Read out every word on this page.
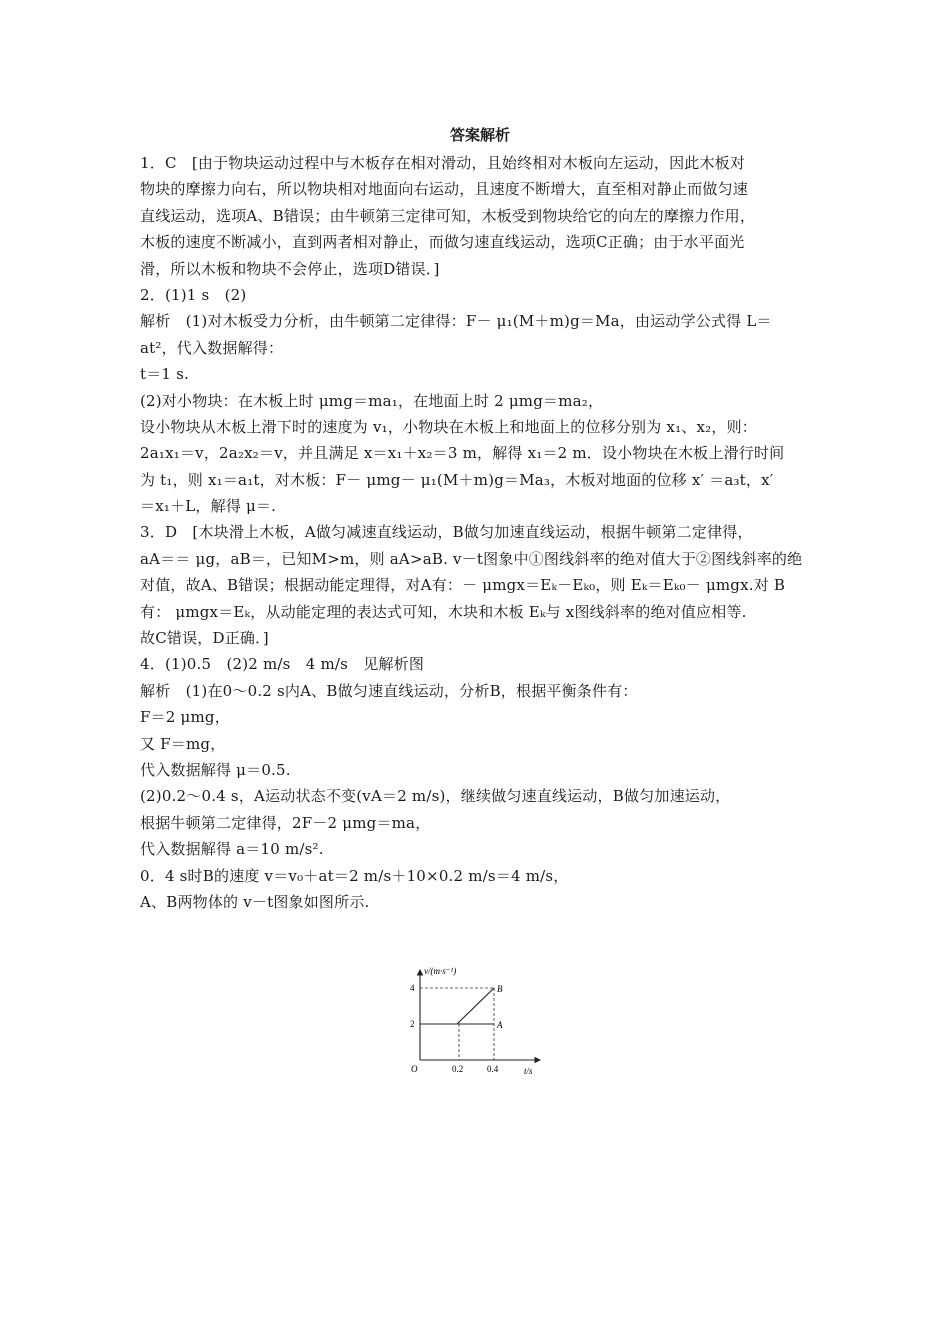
答案解析
1．C　[由于物块运动过程中与木板存在相对滑动，且始终相对木板向左运动，因此木板对
物块的摩擦力向右，所以物块相对地面向右运动，且速度不断增大，直至相对静止而做匀速
直线运动，选项A、B错误；由牛顿第三定律可知，木板受到物块给它的向左的摩擦力作用，
木板的速度不断减小，直到两者相对静止，而做匀速直线运动，选项C正确；由于水平面光
滑，所以木板和物块不会停止，选项D错误．]
2．(1)1 s　(2)
解析　(1)对木板受力分析，由牛顿第二定律得：F－ μ₁(M＋m)g＝Ma，由运动学公式得 L＝
at²，代入数据解得：
t＝1 s.
(2)对小物块：在木板上时 μmg＝ma₁，在地面上时 2 μmg＝ma₂，
设小物块从木板上滑下时的速度为 v₁，小物块在木板上和地面上的位移分别为 x₁、x₂，则：
2a₁x₁＝v，2a₂x₂＝v，并且满足 x＝x₁＋x₂＝3 m，解得 x₁＝2 m．设小物块在木板上滑行时间
为 t₁，则 x₁＝a₁t，对木板：F－ μmg－ μ₁(M＋m)g＝Ma₃，木板对地面的位移 x′ ＝a₃t，x′
＝x₁＋L，解得 μ＝.
3．D　[木块滑上木板，A做匀减速直线运动，B做匀加速直线运动，根据牛顿第二定律得，
aA＝＝ μg，aB＝，已知M>m，则 aA>aB. v－t图象中①图线斜率的绝对值大于②图线斜率的绝
对值，故A、B错误；根据动能定理得，对A有：－ μmgx＝Eₖ－Eₖ₀，则 Eₖ＝Eₖ₀－ μmgx.对 B
有： μmgx＝Eₖ，从动能定理的表达式可知，木块和木板 Eₖ与 x图线斜率的绝对值应相等.
故C错误，D正确．]
4．(1)0.5　(2)2 m/s　4 m/s　见解析图
解析　(1)在0～0.2 s内A、B做匀速直线运动，分析B，根据平衡条件有：
F＝2 μmg，
又 F＝mg，
代入数据解得 μ＝0.5.
(2)0.2～0.4 s，A运动状态不变(vA＝2 m/s)，继续做匀速直线运动，B做匀加速运动，
根据牛顿第二定律得，2F－2 μmg＝ma，
代入数据解得 a＝10 m/s².
0．4 s时B的速度 v＝v₀＋at＝2 m/s＋10×0.2 m/s＝4 m/s，
A、B两物体的 v－t图象如图所示.
v/(m·s⁻¹)
4
2
O	0.2	0.4	t/s
B
A
